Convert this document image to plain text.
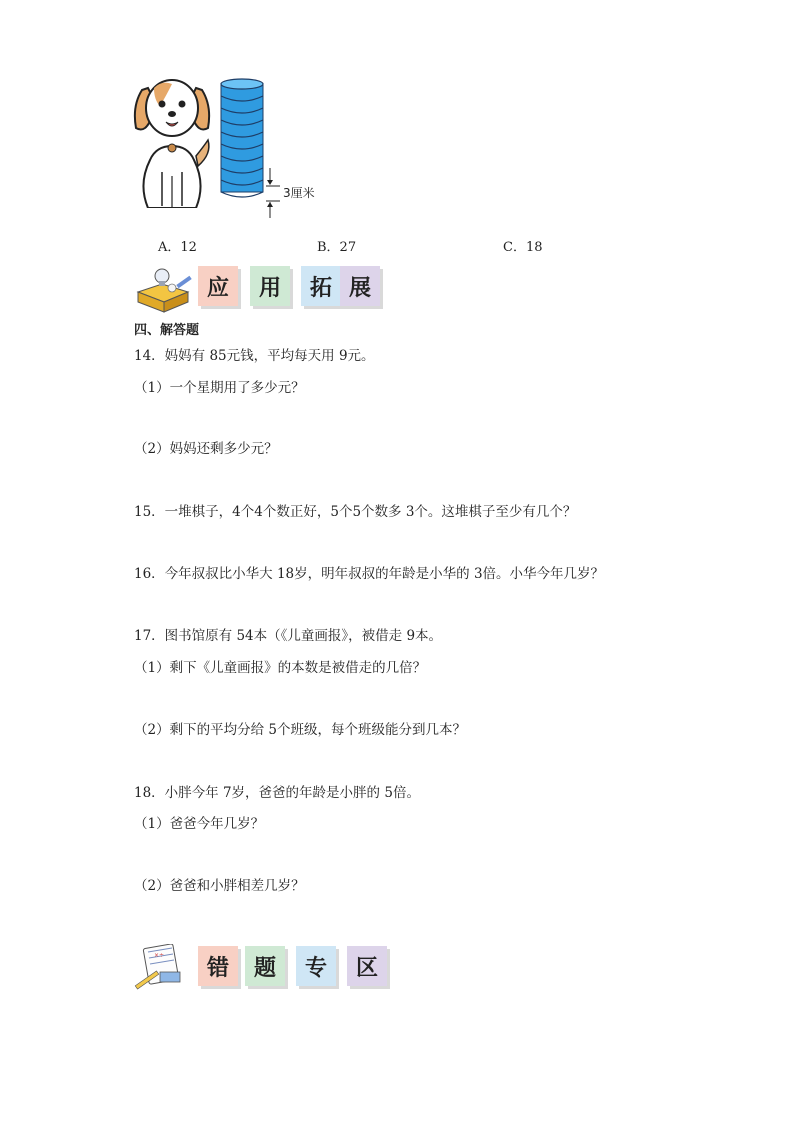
3厘米
A．12	B．27	C．18
应	用	拓 展
四、解答题
14．妈妈有 85元钱，平均每天用 9元。
（1）一个星期用了多少元？
（2）妈妈还剩多少元？
15．一堆棋子，4个4个数正好，5个5个数多 3个。这堆棋子至少有几个？
16．今年叔叔比小华大 18岁，明年叔叔的年龄是小华的 3倍。小华今年几岁？
17．图书馆原有 54本（《儿童画报》，被借走 9本。
（1）剩下《儿童画报》的本数是被借走的几倍？
（2）剩下的平均分给 5个班级，每个班级能分到几本？
18．小胖今年 7岁，爸爸的年龄是小胖的 5倍。
（1）爸爸今年几岁？
（2）爸爸和小胖相差几岁？
×÷	错	题	专	区
